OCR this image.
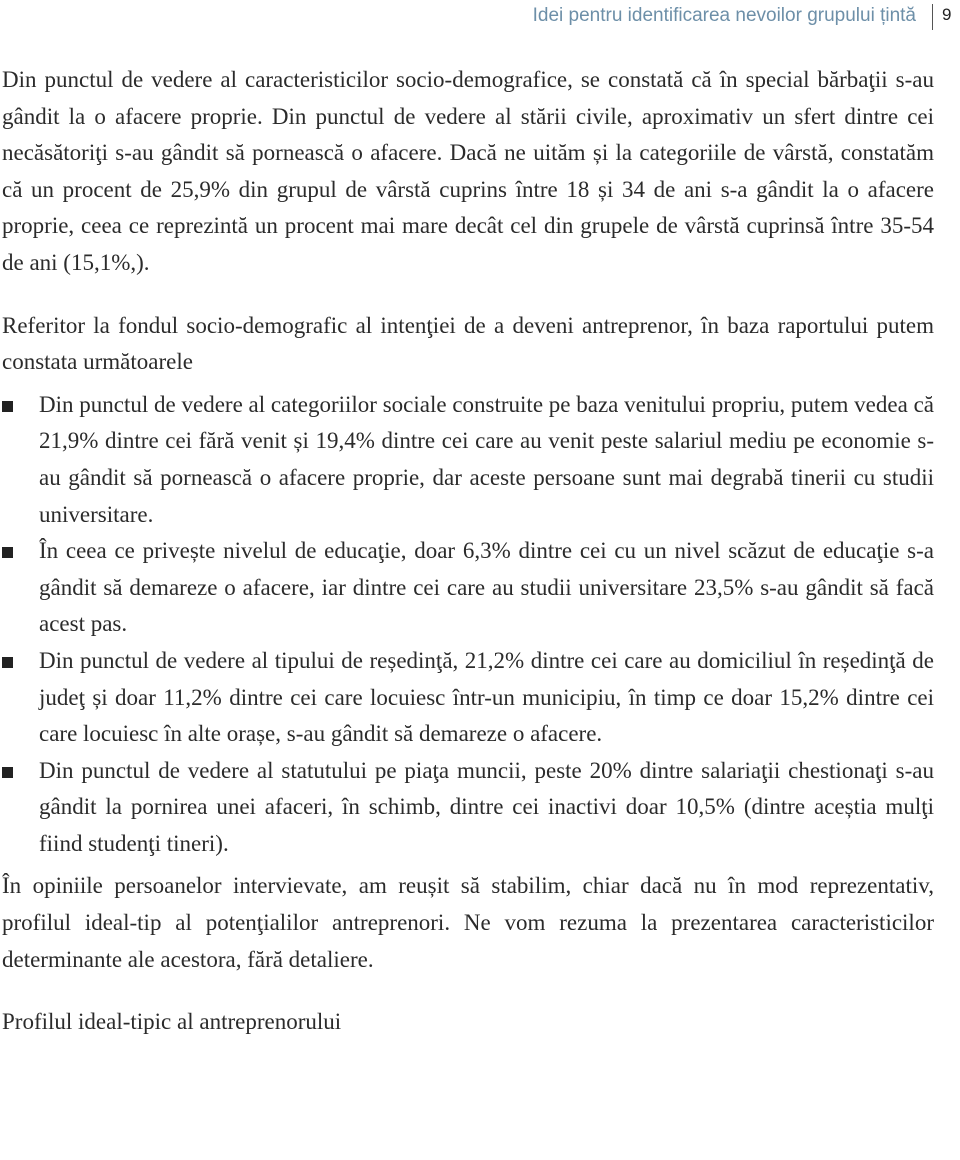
Idei pentru identificarea nevoilor grupului țintă 9

Din punctul de vedere al caracteristicilor socio-demografice, se constată că în special bărbaţii s-au gândit la o afacere proprie. Din punctul de vedere al stării civile, aproximativ un sfert dintre cei necăsătoriţi s-au gândit să pornească o afacere. Dacă ne uităm și la categoriile de vârstă, constatăm că un procent de 25,9% din grupul de vârstă cuprins între 18 și 34 de ani s-a gândit la o afacere proprie, ceea ce reprezintă un procent mai mare decât cel din grupele de vârstă cuprinsă între 35-54 de ani (15,1%,).

Referitor la fondul socio-demografic al intenţiei de a deveni antreprenor, în baza raportului putem constata următoarele

Din punctul de vedere al categoriilor sociale construite pe baza venitului propriu, putem vedea că 21,9% dintre cei fără venit și 19,4% dintre cei care au venit peste salariul mediu pe economie s-au gândit să pornească o afacere proprie, dar aceste persoane sunt mai degrabă tinerii cu studii universitare.
În ceea ce privește nivelul de educaţie, doar 6,3% dintre cei cu un nivel scăzut de educaţie s-a gândit să demareze o afacere, iar dintre cei care au studii universitare 23,5% s-au gândit să facă acest pas.
Din punctul de vedere al tipului de reședinţă, 21,2% dintre cei care au domiciliul în reședinţă de judeţ și doar 11,2% dintre cei care locuiesc într-un municipiu, în timp ce doar 15,2% dintre cei care locuiesc în alte orașe, s-au gândit să demareze o afacere.
Din punctul de vedere al statutului pe piaţa muncii, peste 20% dintre salariaţii chestionaţi s-au gândit la pornirea unei afaceri, în schimb, dintre cei inactivi doar 10,5% (dintre aceștia mulţi fiind studenţi tineri).

În opiniile persoanelor intervievate, am reușit să stabilim, chiar dacă nu în mod reprezentativ, profilul ideal-tip al potenţialilor antreprenori. Ne vom rezuma la prezentarea caracteristicilor determinante ale acestora, fără detaliere.

Profilul ideal-tipic al antreprenorului
